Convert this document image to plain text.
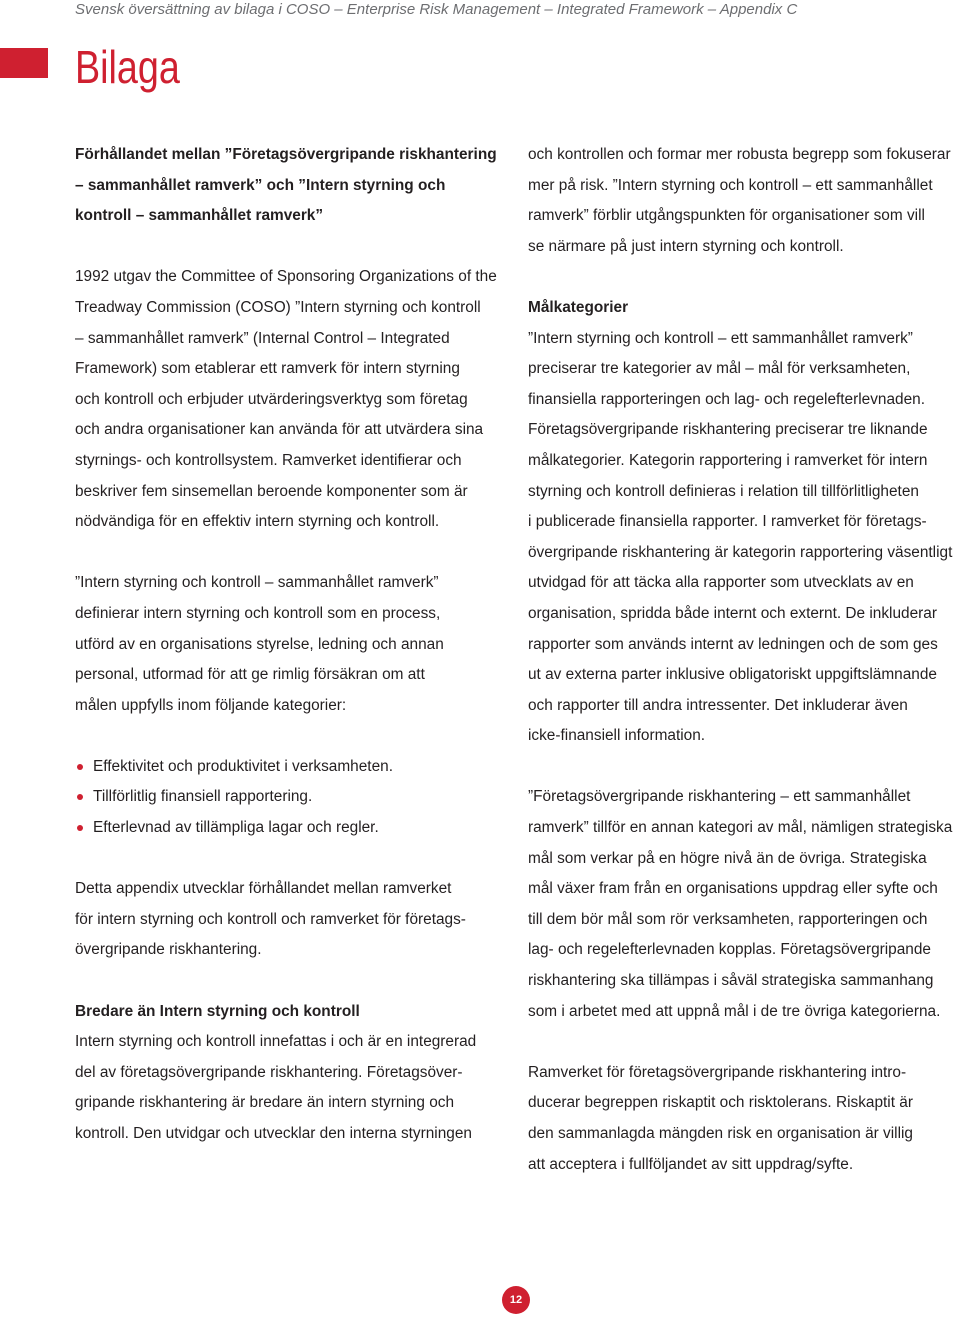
Svensk översättning av bilaga i COSO – Enterprise Risk Management – Integrated Framework – Appendix C
Bilaga
Förhållandet mellan ”Företagsövergripande riskhantering
– sammanhållet ramverk” och ”Intern styrning och
kontroll – sammanhållet ramverk”
1992 utgav the Committee of Sponsoring Organizations of the
Treadway Commission (COSO) ”Intern styrning och kontroll
– sammanhållet ramverk” (Internal Control – Integrated
Framework) som etablerar ett ramverk för intern styrning
och kontroll och erbjuder utvärderingsverktyg som företag
och andra organisationer kan använda för att utvärdera sina
styrnings- och kontrollsystem. Ramverket identifierar och
beskriver fem sinsemellan beroende komponenter som är
nödvändiga för en effektiv intern styrning och kontroll.
”Intern styrning och kontroll – sammanhållet ramverk”
definierar intern styrning och kontroll som en process,
utförd av en organisations styrelse, ledning och annan
personal, utformad för att ge rimlig försäkran om att
målen uppfylls inom följande kategorier:
Effektivitet och produktivitet i verksamheten.
Tillförlitlig finansiell rapportering.
Efterlevnad av tillämpliga lagar och regler.
Detta appendix utvecklar förhållandet mellan ramverket
för intern styrning och kontroll och ramverket för företags-
övergripande riskhantering.
Bredare än Intern styrning och kontroll
Intern styrning och kontroll innefattas i och är en integrerad
del av företagsövergripande riskhantering. Företagsöver-
gripande riskhantering är bredare än intern styrning och
kontroll. Den utvidgar och utvecklar den interna styrningen
och kontrollen och formar mer robusta begrepp som fokuserar
mer på risk. ”Intern styrning och kontroll – ett sammanhållet
ramverk” förblir utgångspunkten för organisationer som vill
se närmare på just intern styrning och kontroll.
Målkategorier
”Intern styrning och kontroll – ett sammanhållet ramverk”
preciserar tre kategorier av mål – mål för verksamheten,
finansiella rapporteringen och lag- och regelefterlevnaden.
Företagsövergripande riskhantering preciserar tre liknande
målkategorier. Kategorin rapportering i ramverket för intern
styrning och kontroll definieras i relation till tillförlitligheten
i publicerade finansiella rapporter. I ramverket för företags-
övergripande riskhantering är kategorin rapportering väsentligt
utvidgad för att täcka alla rapporter som utvecklats av en
organisation, spridda både internt och externt. De inkluderar
rapporter som används internt av ledningen och de som ges
ut av externa parter inklusive obligatoriskt uppgiftslämnande
och rapporter till andra intressenter. Det inkluderar även
icke-finansiell information.
”Företagsövergripande riskhantering – ett sammanhållet
ramverk” tillför en annan kategori av mål, nämligen strategiska
mål som verkar på en högre nivå än de övriga. Strategiska
mål växer fram från en organisations uppdrag eller syfte och
till dem bör mål som rör verksamheten, rapporteringen och
lag- och regelefterlevnaden kopplas. Företagsövergripande
riskhantering ska tillämpas i såväl strategiska sammanhang
som i arbetet med att uppnå mål i de tre övriga kategorierna.
Ramverket för företagsövergripande riskhantering intro-
ducerar begreppen riskaptit och risktolerans. Riskaptit är
den sammanlagda mängden risk en organisation är villig
att acceptera i fullföljandet av sitt uppdrag/syfte.
12
